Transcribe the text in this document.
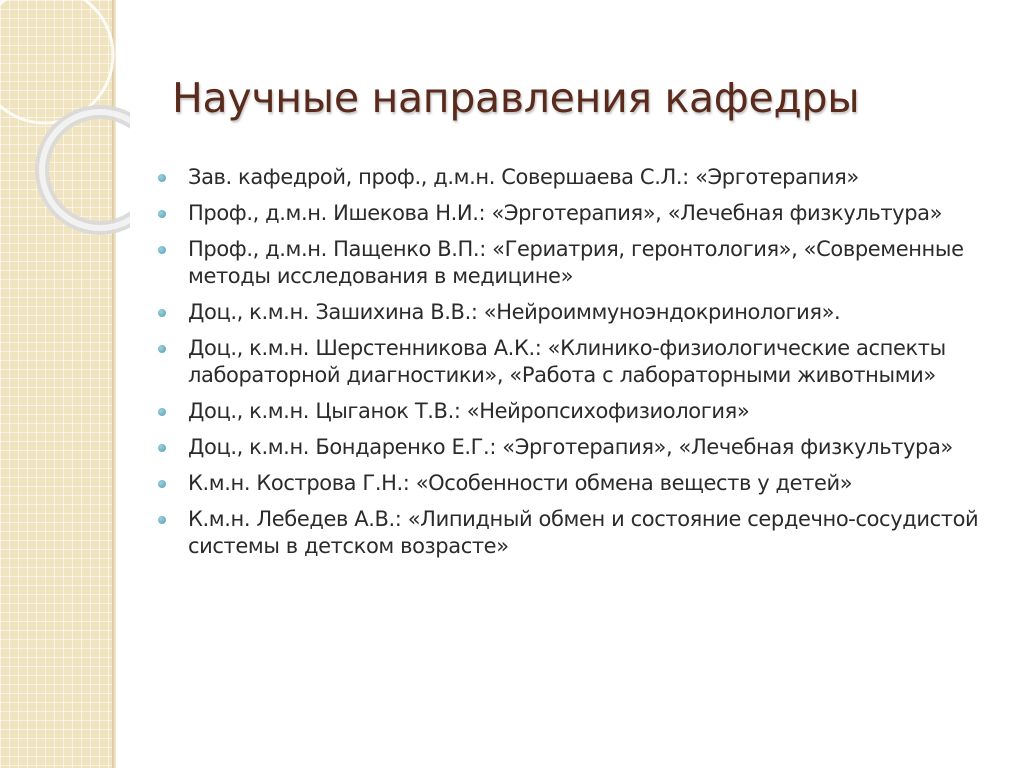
Научные направления кафедры
Зав. кафедрой, проф., д.м.н. Совершаева С.Л.: «Эрготерапия»
Проф., д.м.н. Ишекова Н.И.: «Эрготерапия», «Лечебная физкультура»
Проф., д.м.н. Пащенко В.П.: «Гериатрия, геронтология», «Современные методы исследования в медицине»
Доц., к.м.н. Зашихина В.В.: «Нейроиммуноэндокринология».
Доц., к.м.н. Шерстенникова А.К.: «Клинико-физиологические аспекты лабораторной диагностики», «Работа с лабораторными животными»
Доц., к.м.н. Цыганок Т.В.: «Нейропсихофизиология»
Доц., к.м.н. Бондаренко Е.Г.: «Эрготерапия», «Лечебная физкультура»
К.м.н. Кострова Г.Н.: «Особенности обмена веществ у детей»
К.м.н. Лебедев А.В.: «Липидный обмен и состояние сердечно-сосудистой системы в детском возрасте»
